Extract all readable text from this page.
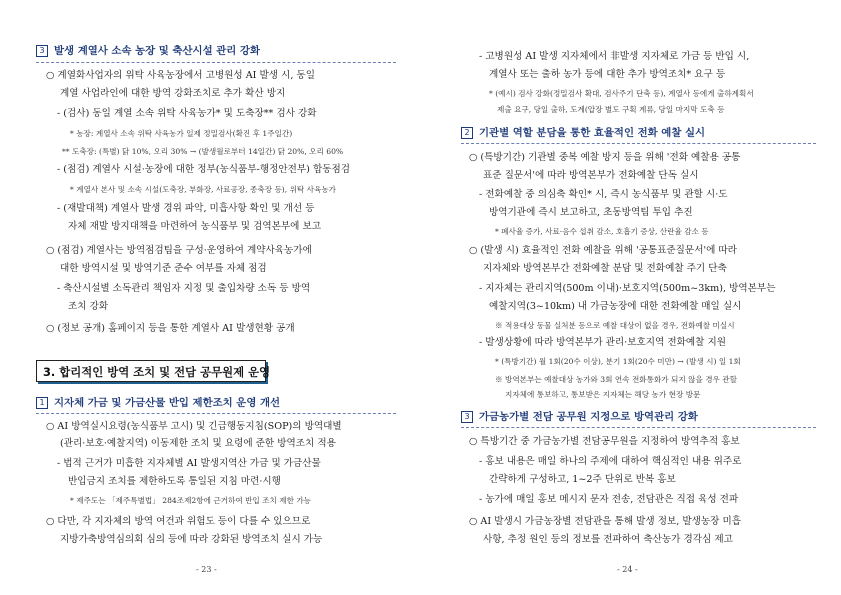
3 발생 계열사 소속 농장 및 축산시설 관리 강화
○ 계열화사업자의 위탁 사육농장에서 고병원성 AI 발생 시, 동일
계열 사업라인에 대한 방역 강화조치로 추가 확산 방지
- (검사) 동일 계열 소속 위탁 사육농가* 및 도축장** 검사 강화
* 농장: 계열사 소속 위탁 사육농가 일제 정밀검사(확진 후 1주일간)
** 도축장: (특별) 닭 10%, 오리 30% → (발생월로부터 14일간) 닭 20%, 오리 60%
- (점검) 계열사 시설·농장에 대한 정부(농식품부-행정안전부) 합동점검
* 계열사 본사 및 소속 시설(도축장, 부화장, 사료공장, 종축장 등), 위탁 사육농가
- (재발대책) 계열사 발생 경위 파악, 미흡사항 확인 및 개선 등
자체 재발 방지대책을 마련하여 농식품부 및 검역본부에 보고
○ (점검) 계열사는 방역점검팀을 구성·운영하여 계약사육농가에
대한 방역시설 및 방역기준 준수 여부를 자체 점검
- 축산시설별 소독관리 책임자 지정 및 출입차량 소독 등 방역
조치 강화
○ (정보 공개) 홈페이지 등을 통한 계열사 AI 발생현황 공개
3. 합리적인 방역 조치 및 전담 공무원제 운영
1 지자체 가금 및 가금산물 반입 제한조치 운영 개선
○ AI 방역실시요령(농식품부 고시) 및 긴급행동지침(SOP)의 방역대별
(관리·보호·예찰지역) 이동제한 조치 및 요령에 준한 방역조치 적용
- 법적 근거가 미흡한 지자체별 AI 발생지역산 가금 및 가금산물
반입금지 조치를 제한하도록 통일된 지침 마련·시행
* 제주도는 「제주특별법」 284조제2항에 근거하여 반입 조치 제한 가능
○ 다만, 각 지자체의 방역 여건과 위험도 등이 다를 수 있으므로
지방가축방역심의회 심의 등에 따라 강화된 방역조치 실시 가능
- 23 -
- 고병원성 AI 발생 지자체에서 非발생 지자체로 가금 등 반입 시,
계열사 또는 출하 농가 등에 대한 추가 방역조치* 요구 등
* (예시) 검사 강화(정밀검사 확대, 검사주기 단축 등), 계열사 등에게 출하계획서
제출 요구, 당일 출하, 도계(압장 별도 구획 계류, 당일 마지막 도축 등
2 기관별 역할 분담을 통한 효율적인 전화 예찰 실시
○ (특방기간) 기관별 중복 예찰 방지 등을 위해 '전화 예찰용 공통
표준 질문서'에 따라 방역본부가 전화예찰 단독 실시
- 전화예찰 중 의심축 확인* 시, 즉시 농식품부 및 관할 시·도
방역기관에 즉시 보고하고, 초동방역팀 투입 추진
* 폐사율 증가, 사료·음수 섭취 감소, 호흡기 증상, 산란율 감소 등
○ (발생 시) 효율적인 전화 예찰을 위해 '공통표준질문서'에 따라
지자체와 방역본부간 전화예찰 분담 및 전화예찰 주기 단축
- 지자체는 관리지역(500m 이내)·보호지역(500m~3km), 방역본부는
예찰지역(3~10km) 내 가금농장에 대한 전화예찰 매일 실시
※ 적용대상 동물 실처분 등으로 예찰 대상이 없을 경우, 전화예찰 미실시
- 발생상황에 따라 방역본부가 관리·보호지역 전화예찰 지원
* (특방기간) 월 1회(20수 이상), 분기 1회(20수 미만) → (발생 시) 일 1회
※ 방역본부는 예찰대상 농가와 3회 연속 전화통화가 되지 않을 경우 관할
지자체에 통보하고, 통보받은 지자체는 해당 농가 현장 방문
3 가금농가별 전담 공무원 지정으로 방역관리 강화
○ 특방기간 중 가금농가별 전담공무원을 지정하여 방역추적 홍보
- 홍보 내용은 매일 하나의 주제에 대하여 핵심적인 내용 위주로
간략하게 구성하고, 1~2주 단위로 반복 홍보
- 농가에 매일 홍보 메시지 문자 전송, 전담관은 직접 육성 전파
○ AI 발생시 가금농장별 전담관을 통해 발생 정보, 발생농장 미흡
사항, 추정 원인 등의 정보를 전파하여 축산농가 경각심 제고
- 24 -
